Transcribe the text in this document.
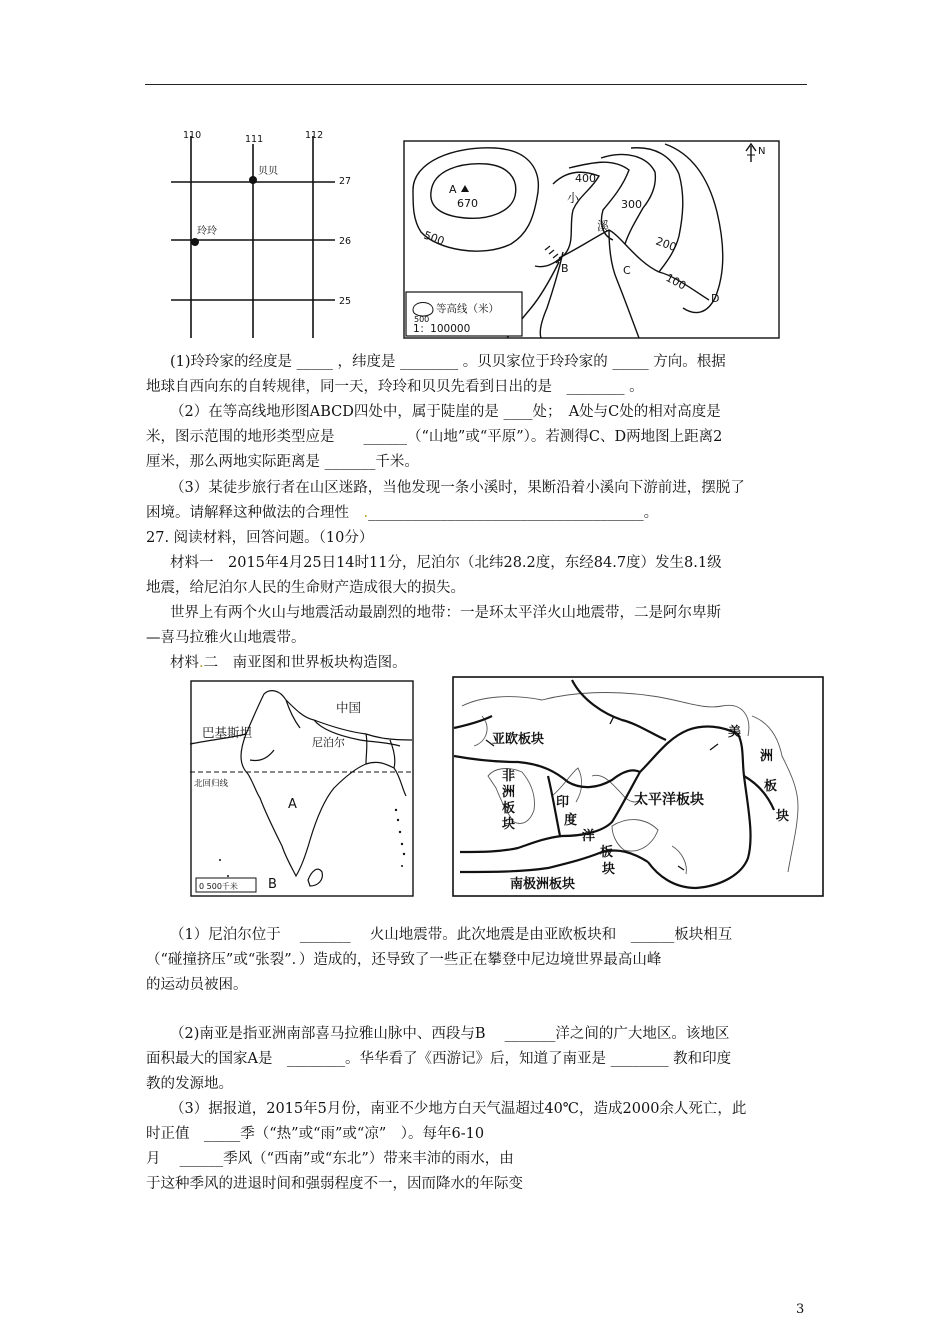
110	111	112
27
26
25
贝贝
玲玲
A
670
500
400
300
200
100
小
溪
B	C
D
N
500
等高线（米）
1：100000
(1)玲玲家的经度是 _____ ，纬度是 ________ 。贝贝家位于玲玲家的 _____ 方向。根据
地球自西向东的自转规律，同一天，玲玲和贝贝先看到日出的是　________ 。
（2）在等高线地形图ABCD四处中，属于陡崖的是 ____处；　A处与C处的相对高度是
米，图示范围的地形类型应是　　______（“山地”或“平原”）。若测得C、D两地图上距离2
厘米，那么两地实际距离是 _______千米。
（3）某徒步旅行者在山区迷路，当他发现一条小溪时，果断沿着小溪向下游前进，摆脱了
困境。请解释这种做法的合理性　.______________________________________。
27. 阅读材料，回答问题。（10分）
材料一　2015年4月25日14时11分，尼泊尔（北纬28.2度，东经84.7度）发生8.1级
地震，给尼泊尔人民的生命财产造成很大的损失。
世界上有两个火山与地震活动最剧烈的地带：一是环太平洋火山地震带，二是阿尔卑斯
—喜马拉雅火山地震带。
材料.二　南亚图和世界板块构造图。
中国
巴基斯坦
尼泊尔
北回归线
A
B
0 500千米
亚欧板块
非
洲
板
块
印
度
洋
板
块
太平洋板块
美
洲
板
块
南极洲板块
（1）尼泊尔位于　 _______　 火山地震带。此次地震是由亚欧板块和　______板块相互
（“碰撞挤压”或“张裂”．）造成的，还导致了一些正在攀登中尼边境世界最高山峰
的运动员被困。
（2)南亚是指亚洲南部喜马拉雅山脉中、西段与B　 _______洋之间的广大地区。该地区
面积最大的国家A是　________。华华看了《西游记》后，知道了南亚是 ________ 教和印度
教的发源地。
（3）据报道，2015年5月份，南亚不少地方白天气温超过40℃，造成2000余人死亡，此
时正值　_____季（“热”或“雨”或“凉”　）。每年6-10
月　 ______季风（“西南”或“东北”）带来丰沛的雨水，由
于这种季风的进退时间和强弱程度不一，因而降水的年际变
3
